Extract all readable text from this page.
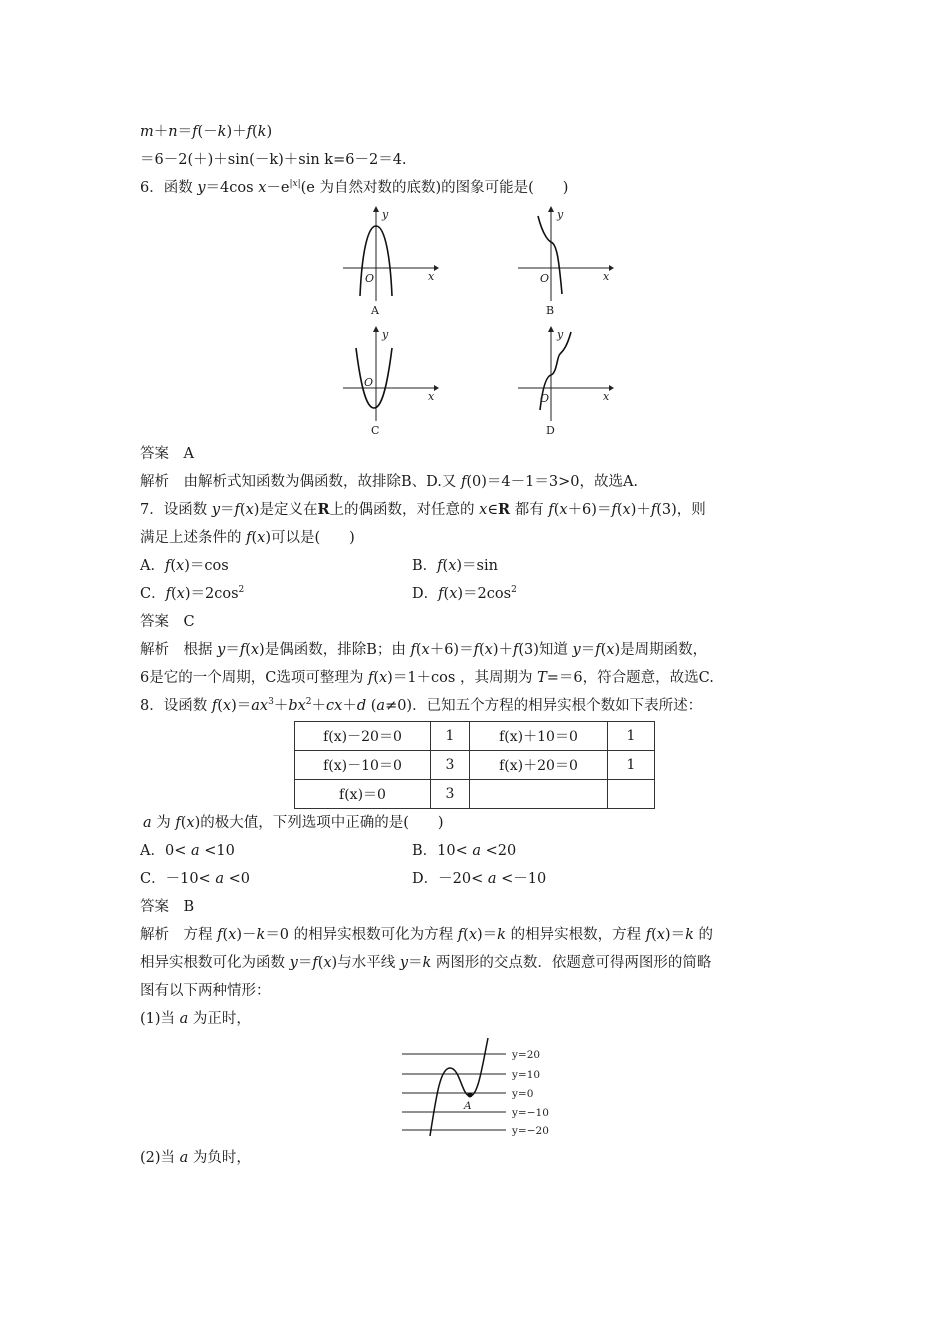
m＋n＝f(－k)＋f(k)
＝6－2(＋)＋sin(－k)＋sin k=6－2＝4.
6．函数 y＝4cos $x-e^{|x|}(e$ 为自然对数的底数)的图象可能是(　　)
y
x
O
A
y
x
O
B
y
x
O
C
y
x
O
D
答案　A
解析　由解析式知函数为偶函数，故排除B、D.又 f(0)＝4－1＝3>0，故选A.
7．设函数 y＝f(x)是定义在R上的偶函数，对任意的 x∈R 都有 f(x＋6)＝f(x)＋f(3)，则
满足上述条件的 f(x)可以是(　　)
A．f(x)＝cos	B．f(x)＝sin
C．$f(x)=2\cos^2$	D．$f(x)=2\cos^2$
答案　C
解析　根据 y＝f(x)是偶函数，排除B；由 f(x＋6)＝f(x)＋f(3)知道 y＝f(x)是周期函数，
6是它的一个周期，C选项可整理为 f(x)＝1＋cos ，其周期为 T=＝6，符合题意，故选C.
8．设函数 $f(x)=ax^3+bx^2+cx+d$ (a≠0)．已知五个方程的相异实根个数如下表所述：
f(x)－20＝0	1	f(x)＋10＝0	1
f(x)－10＝0	3	f(x)＋20＝0	1
f(x)＝0	3		
a 为 f(x)的极大值，下列选项中正确的是(　　)
A．0< a <10	B．10< a <20
C．－10< a <0	D．－20< a <－10
答案　B
解析　方程 f(x)－k＝0 的相异实根数可化为方程 f(x)＝k 的相异实根数，方程 f(x)＝k 的
相异实根数可化为函数 y＝f(x)与水平线 y＝k 两图形的交点数．依题意可得两图形的简略
图有以下两种情形：
(1)当 a 为正时，
A
y=20
y=10
y=0
y=−10
y=−20
(2)当 a 为负时，
